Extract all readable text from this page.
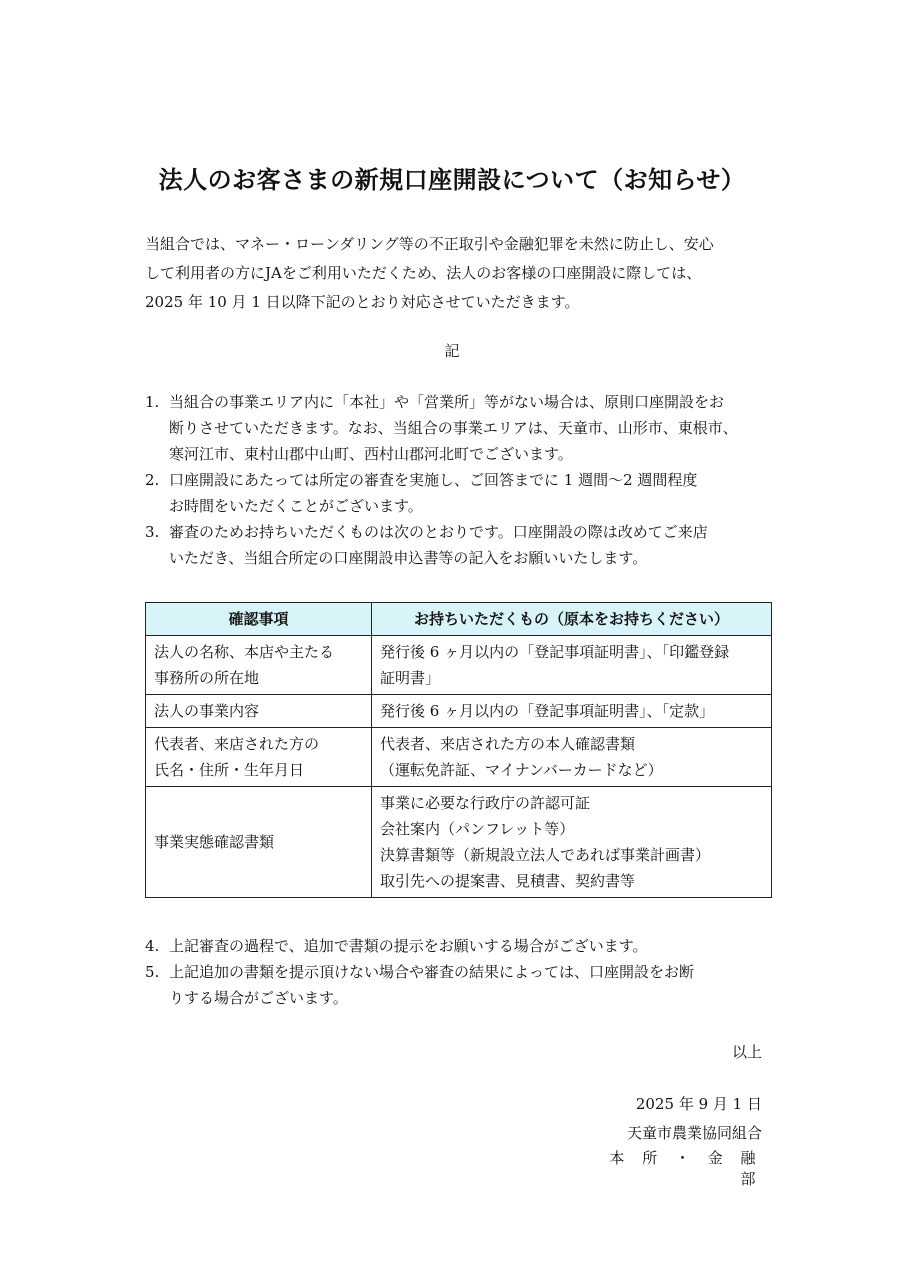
法人のお客さまの新規口座開設について（お知らせ）

当組合では、マネー・ローンダリング等の不正取引や金融犯罪を未然に防止し、安心

して利用者の方にJAをご利用いただくため、法人のお客様の口座開設に際しては、

2025 年 10 月 1 日以降下記のとおり対応させていただきます。

記
1. 当組合の事業エリア内に「本社」や「営業所」等がない場合は、原則口座開設をお
断りさせていただきます。なお、当組合の事業エリアは、天童市、山形市、東根市、
寒河江市、東村山郡中山町、西村山郡河北町でございます。
2. 口座開設にあたっては所定の審査を実施し、ご回答までに 1 週間～2 週間程度
お時間をいただくことがございます。
3. 審査のためお持ちいただくものは次のとおりです。口座開設の際は改めてご来店
いただき、当組合所定の口座開設申込書等の記入をお願いいたします。
確認事項	お持ちいただくもの（原本をお持ちください）

法人の名称、本店や主たる
事務所の所在地	発行後 6 ヶ月以内の「登記事項証明書」、「印鑑登録
証明書」

法人の事業内容	発行後 6 ヶ月以内の「登記事項証明書」、「定款」

代表者、来店された方の
氏名・住所・生年月日	代表者、来店された方の本人確認書類
（運転免許証、マイナンバーカードなど）

事業実態確認書類	事業に必要な行政庁の許認可証
会社案内（パンフレット等）
決算書類等（新規設立法人であれば事業計画書）
取引先への提案書、見積書、契約書等
4. 上記審査の過程で、追加で書類の提示をお願いする場合がございます。
5. 上記追加の書類を提示頂けない場合や審査の結果によっては、口座開設をお断
りする場合がございます。
以上
2025 年 9 月 1 日
天童市農業協同組合
本 所 ・ 金 融 部
